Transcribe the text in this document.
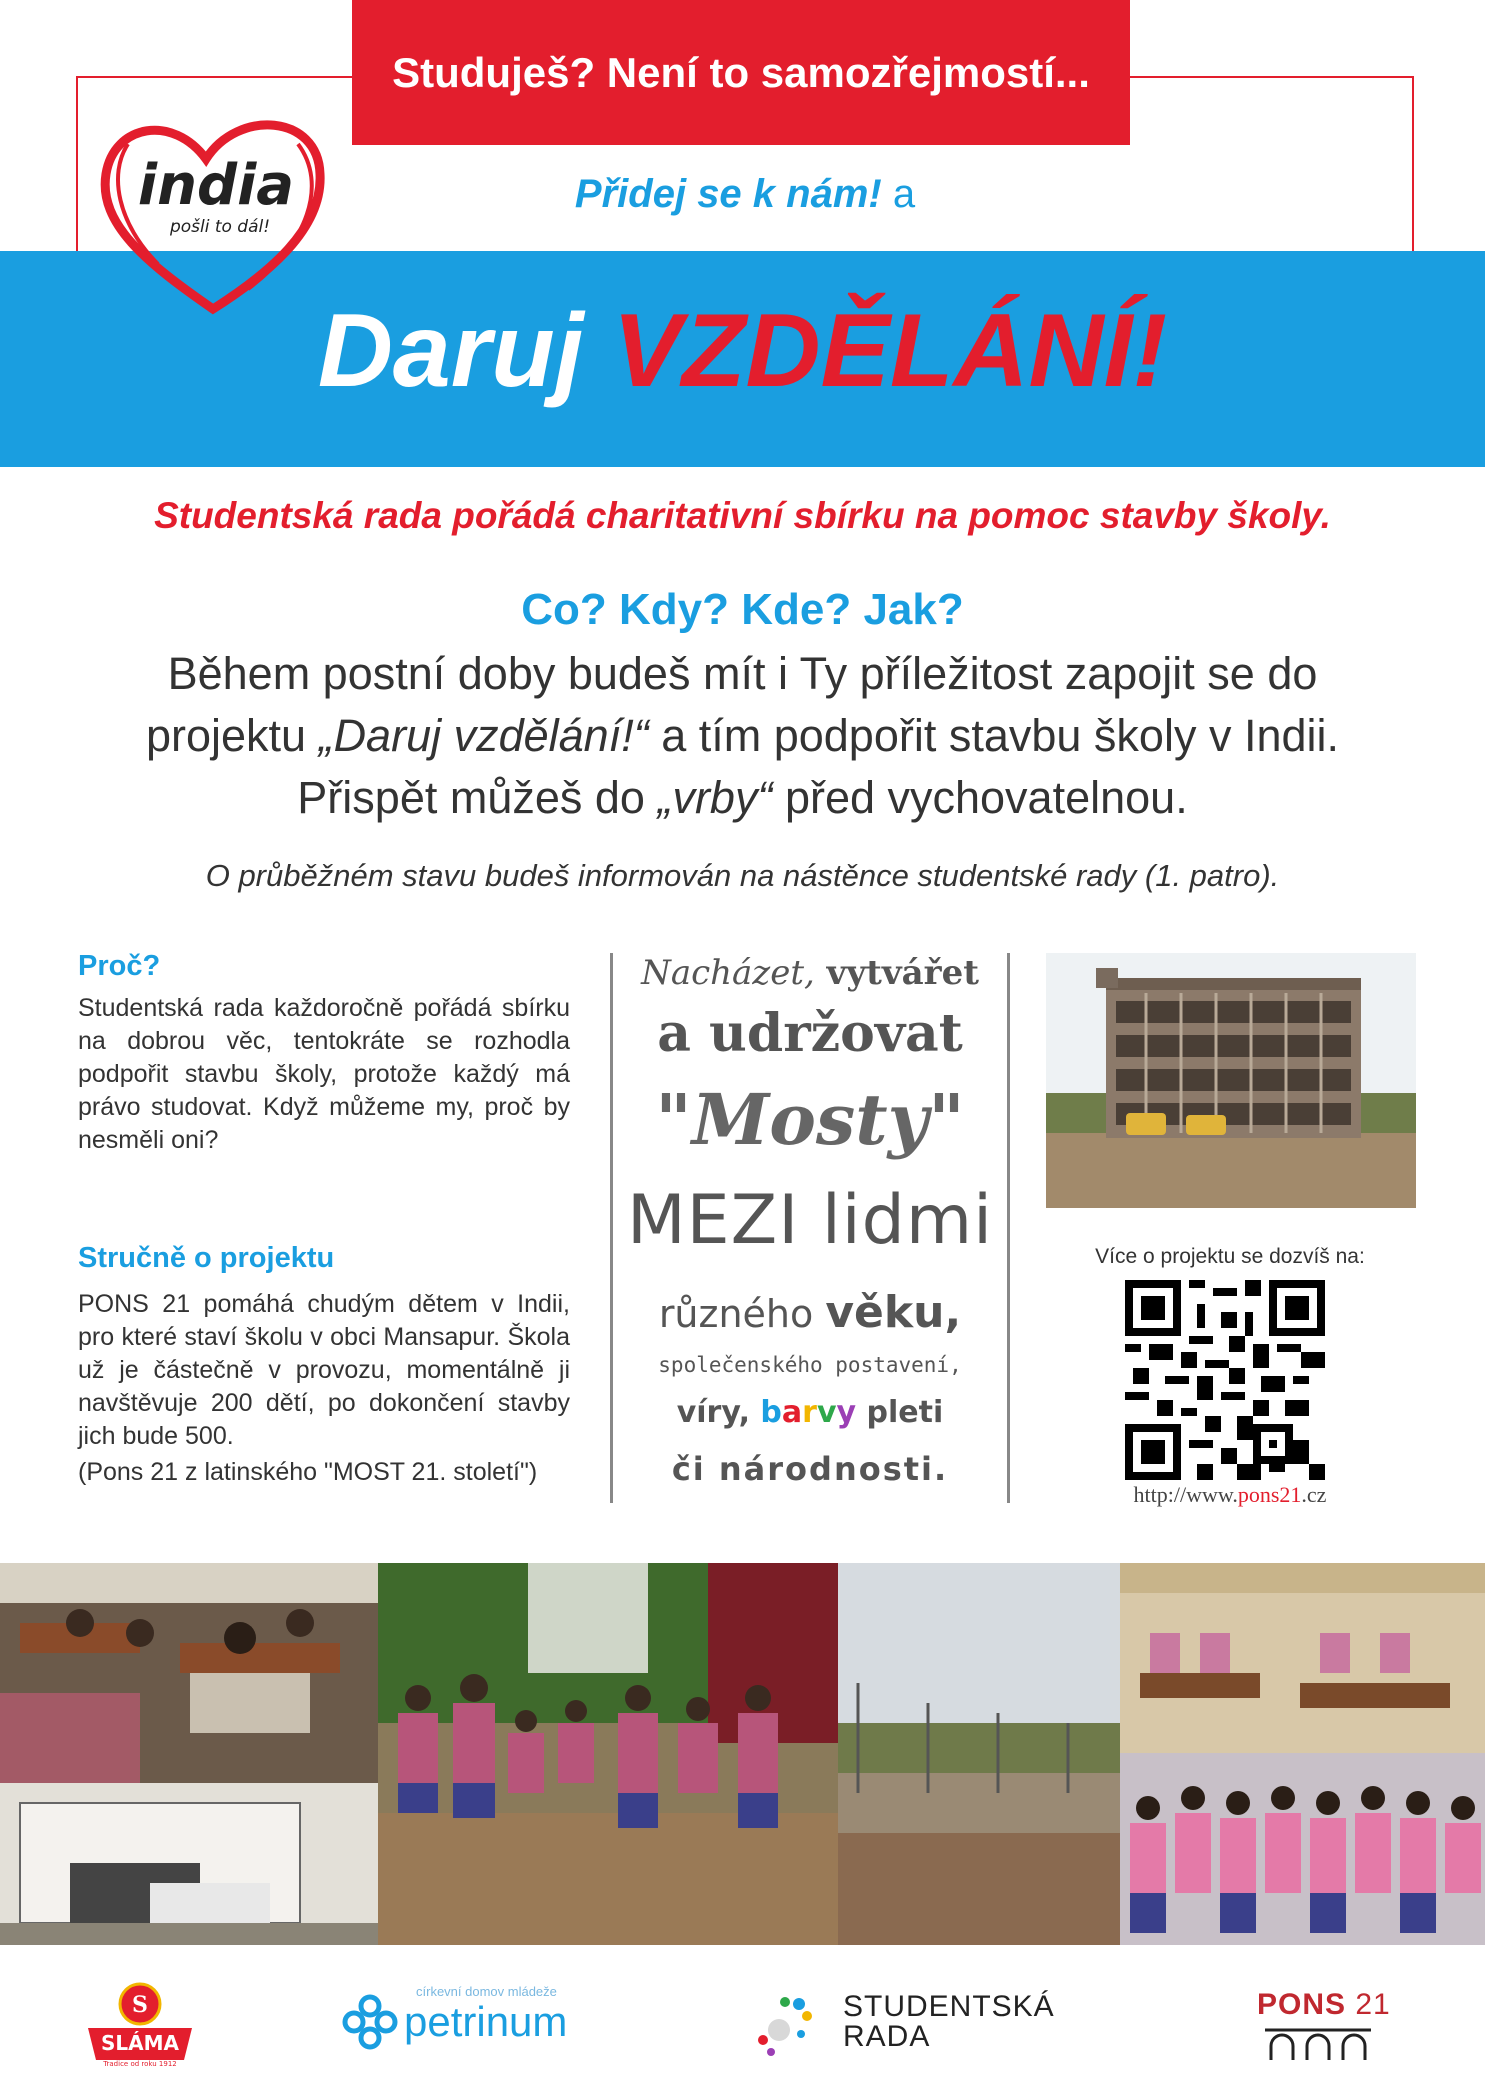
Studuješ? Není to samozřejmostí...
Přidej se k nám! a
Daruj VZDĚLÁNÍ!
india
pošli to dál!
Studentská rada pořádá charitativní sbírku na pomoc stavby školy.
Co? Kdy? Kde? Jak?
Během postní doby budeš mít i Ty příležitost zapojit se do
projektu „Daruj vzdělání!“ a tím podpořit stavbu školy v Indii.
Přispět můžeš do „vrby“ před vychovatelnou.
O průběžném stavu budeš informován na nástěnce studentské rady (1. patro).
Proč?
Studentská rada každoročně pořádá sbírku na dobrou věc, tentokráte se rozhodla podpořit stavbu školy, protože každý má právo studovat. Když můžeme my, proč by nesměli oni?
Stručně o projektu
PONS 21 pomáhá chudým dětem v Indii, pro které staví školu v obci Mansapur. Škola už je částečně v provozu, momentálně ji navštěvuje 200 dětí, po dokončení stavby jich bude 500.
(Pons 21 z latinského "MOST 21. století")
Nacházet, vytvářet
a udržovat
"Mosty"
MEZI lidmi
různého věku,
společenského postavení,
víry, barvy pleti
či národnosti.
Více o projektu se dozvíš na:
http://www.pons21.cz
S
SLÁMA
Tradice od roku 1912
církevní domov mládeže
petrinum	STUDENTSKÁ
RADA
PONS 21
